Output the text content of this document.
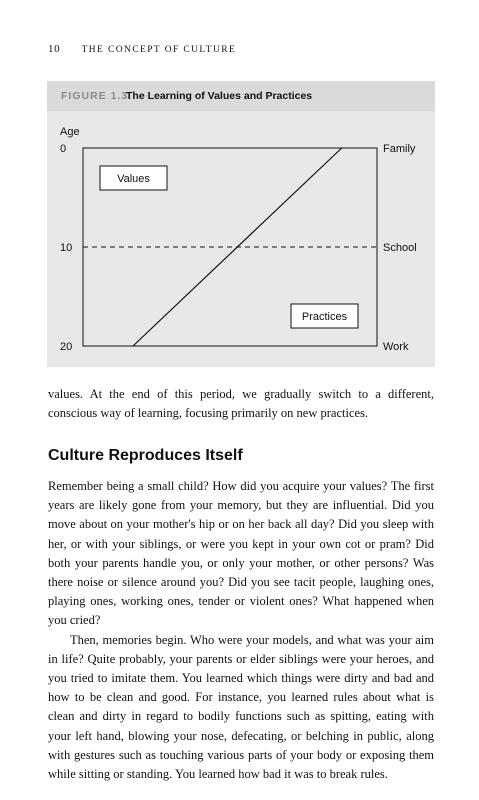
10 THE CONCEPT OF CULTURE
FIGURE 1.3
The Learning of Values and Practices
Age
0
10
20
Family
School
Work
Values
Practices
values. At the end of this period, we gradually switch to a different, conscious way of learning, focusing primarily on new practices.
Culture Reproduces Itself

Remember being a small child? How did you acquire your values? The first years are likely gone from your memory, but they are influential. Did you move about on your mother's hip or on her back all day? Did you sleep with her, or with your siblings, or were you kept in your own cot or pram? Did both your parents handle you, or only your mother, or other persons? Was there noise or silence around you? Did you see tacit people, laughing ones, playing ones, working ones, tender or violent ones? What happened when you cried?

Then, memories begin. Who were your models, and what was your aim in life? Quite probably, your parents or elder siblings were your heroes, and you tried to imitate them. You learned which things were dirty and bad and how to be clean and good. For instance, you learned rules about what is clean and dirty in regard to bodily functions such as spitting, eating with your left hand, blowing your nose, defecating, or belching in public, along with gestures such as touching various parts of your body or exposing them while sitting or standing. You learned how bad it was to break rules.
